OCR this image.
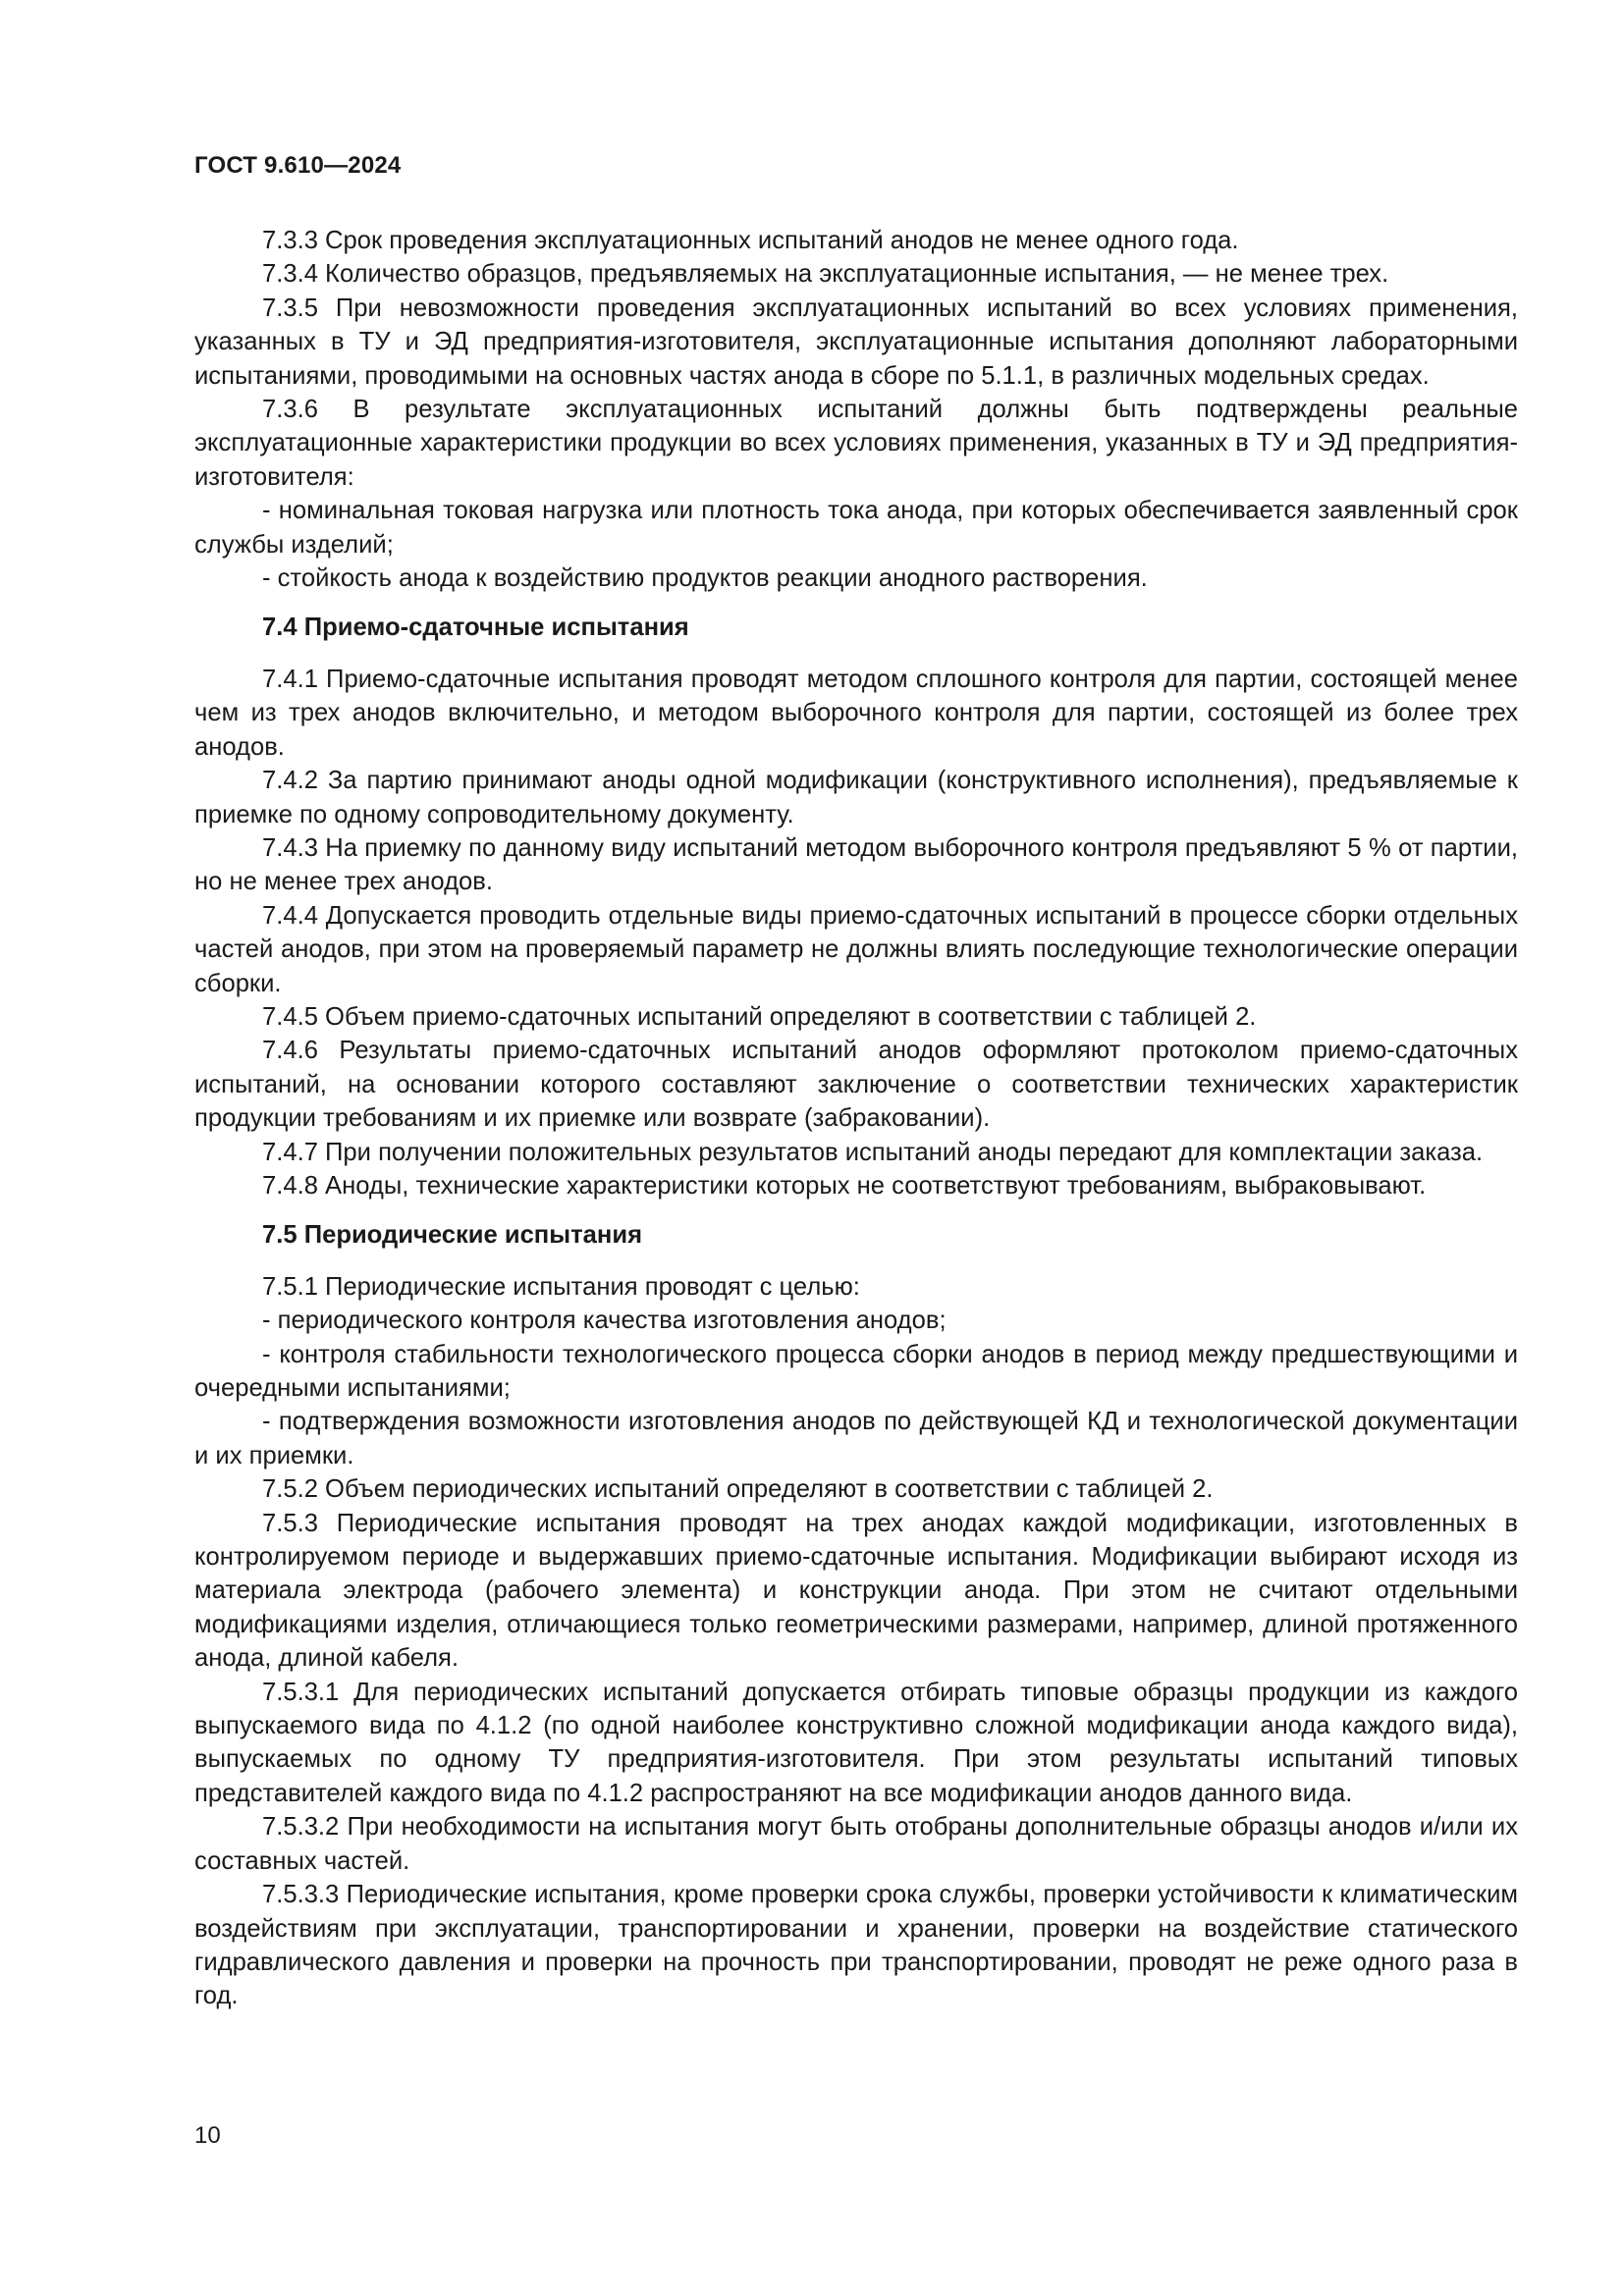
ГОСТ 9.610—2024

7.3.3 Срок проведения эксплуатационных испытаний анодов не менее одного года.

7.3.4 Количество образцов, предъявляемых на эксплуатационные испытания, — не менее трех.

7.3.5 При невозможности проведения эксплуатационных испытаний во всех условиях применения, указанных в ТУ и ЭД предприятия-изготовителя, эксплуатационные испытания дополняют лабораторными испытаниями, проводимыми на основных частях анода в сборе по 5.1.1, в различных модельных средах.

7.3.6 В результате эксплуатационных испытаний должны быть подтверждены реальные эксплуатационные характеристики продукции во всех условиях применения, указанных в ТУ и ЭД предприятия-изготовителя:

- номинальная токовая нагрузка или плотность тока анода, при которых обеспечивается заявленный срок службы изделий;

- стойкость анода к воздействию продуктов реакции анодного растворения.

7.4 Приемо-сдаточные испытания

7.4.1 Приемо-сдаточные испытания проводят методом сплошного контроля для партии, состоящей менее чем из трех анодов включительно, и методом выборочного контроля для партии, состоящей из более трех анодов.

7.4.2 За партию принимают аноды одной модификации (конструктивного исполнения), предъявляемые к приемке по одному сопроводительному документу.

7.4.3 На приемку по данному виду испытаний методом выборочного контроля предъявляют 5 % от партии, но не менее трех анодов.

7.4.4 Допускается проводить отдельные виды приемо-сдаточных испытаний в процессе сборки отдельных частей анодов, при этом на проверяемый параметр не должны влиять последующие технологические операции сборки.

7.4.5 Объем приемо-сдаточных испытаний определяют в соответствии с таблицей 2.

7.4.6 Результаты приемо-сдаточных испытаний анодов оформляют протоколом приемо-сдаточных испытаний, на основании которого составляют заключение о соответствии технических характеристик продукции требованиям и их приемке или возврате (забраковании).

7.4.7 При получении положительных результатов испытаний аноды передают для комплектации заказа.

7.4.8 Аноды, технические характеристики которых не соответствуют требованиям, выбраковывают.

7.5 Периодические испытания

7.5.1 Периодические испытания проводят с целью:

- периодического контроля качества изготовления анодов;

- контроля стабильности технологического процесса сборки анодов в период между предшествующими и очередными испытаниями;

- подтверждения возможности изготовления анодов по действующей КД и технологической документации и их приемки.

7.5.2 Объем периодических испытаний определяют в соответствии с таблицей 2.

7.5.3 Периодические испытания проводят на трех анодах каждой модификации, изготовленных в контролируемом периоде и выдержавших приемо-сдаточные испытания. Модификации выбирают исходя из материала электрода (рабочего элемента) и конструкции анода. При этом не считают отдельными модификациями изделия, отличающиеся только геометрическими размерами, например, длиной протяженного анода, длиной кабеля.

7.5.3.1 Для периодических испытаний допускается отбирать типовые образцы продукции из каждого выпускаемого вида по 4.1.2 (по одной наиболее конструктивно сложной модификации анода каждого вида), выпускаемых по одному ТУ предприятия-изготовителя. При этом результаты испытаний типовых представителей каждого вида по 4.1.2 распространяют на все модификации анодов данного вида.

7.5.3.2 При необходимости на испытания могут быть отобраны дополнительные образцы анодов и/или их составных частей.

7.5.3.3 Периодические испытания, кроме проверки срока службы, проверки устойчивости к климатическим воздействиям при эксплуатации, транспортировании и хранении, проверки на воздействие статического гидравлического давления и проверки на прочность при транспортировании, проводят не реже одного раза в год.

10
